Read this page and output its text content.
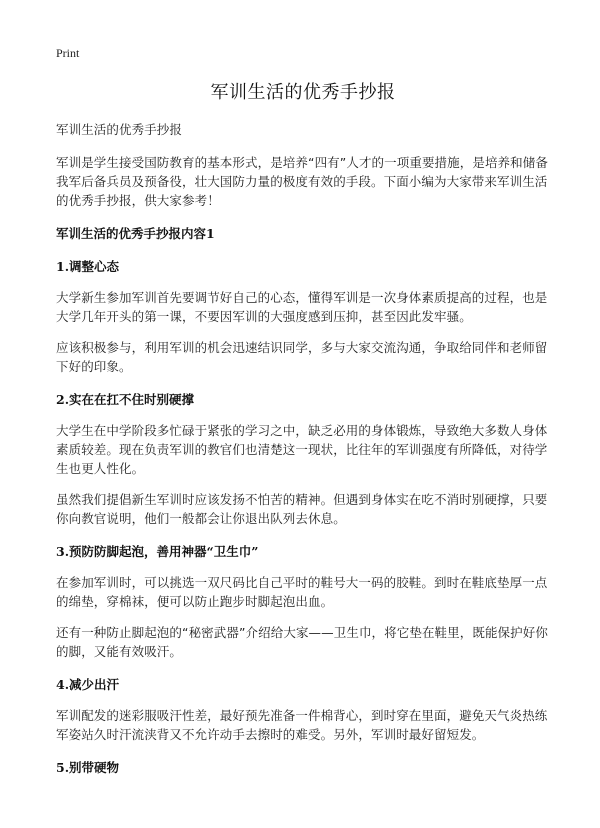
Print
军训生活的优秀手抄报

军训生活的优秀手抄报

军训是学生接受国防教育的基本形式，是培养“四有”人才的一项重要措施，是培养和储备我军后备兵员及预备役，壮大国防力量的极度有效的手段。下面小编为大家带来军训生活的优秀手抄报，供大家参考！

军训生活的优秀手抄报内容1
1.调整心态

大学新生参加军训首先要调节好自己的心态，懂得军训是一次身体素质提高的过程，也是大学几年开头的第一课，不要因军训的大强度感到压抑，甚至因此发牢骚。

应该积极参与，利用军训的机会迅速结识同学，多与大家交流沟通，争取给同伴和老师留下好的印象。

2.实在在扛不住时别硬撑

大学生在中学阶段多忙碌于紧张的学习之中，缺乏必用的身体锻炼，导致绝大多数人身体素质较差。现在负责军训的教官们也清楚这一现状，比往年的军训强度有所降低，对待学生也更人性化。

虽然我们提倡新生军训时应该发扬不怕苦的精神。但遇到身体实在吃不消时别硬撑，只要你向教官说明，他们一般都会让你退出队列去休息。

3.预防防脚起泡，善用神器“卫生巾”

在参加军训时，可以挑选一双尺码比自己平时的鞋号大一码的胶鞋。到时在鞋底垫厚一点的绵垫，穿棉袜，便可以防止跑步时脚起泡出血。

还有一种防止脚起泡的“秘密武器”介绍给大家——卫生巾，将它垫在鞋里，既能保护好你的脚，又能有效吸汗。

4.减少出汗

军训配发的迷彩服吸汗性差，最好预先准备一件棉背心，到时穿在里面，避免天气炎热练军姿站久时汗流浃背又不允许动手去擦时的难受。另外，军训时最好留短发。

5.别带硬物
